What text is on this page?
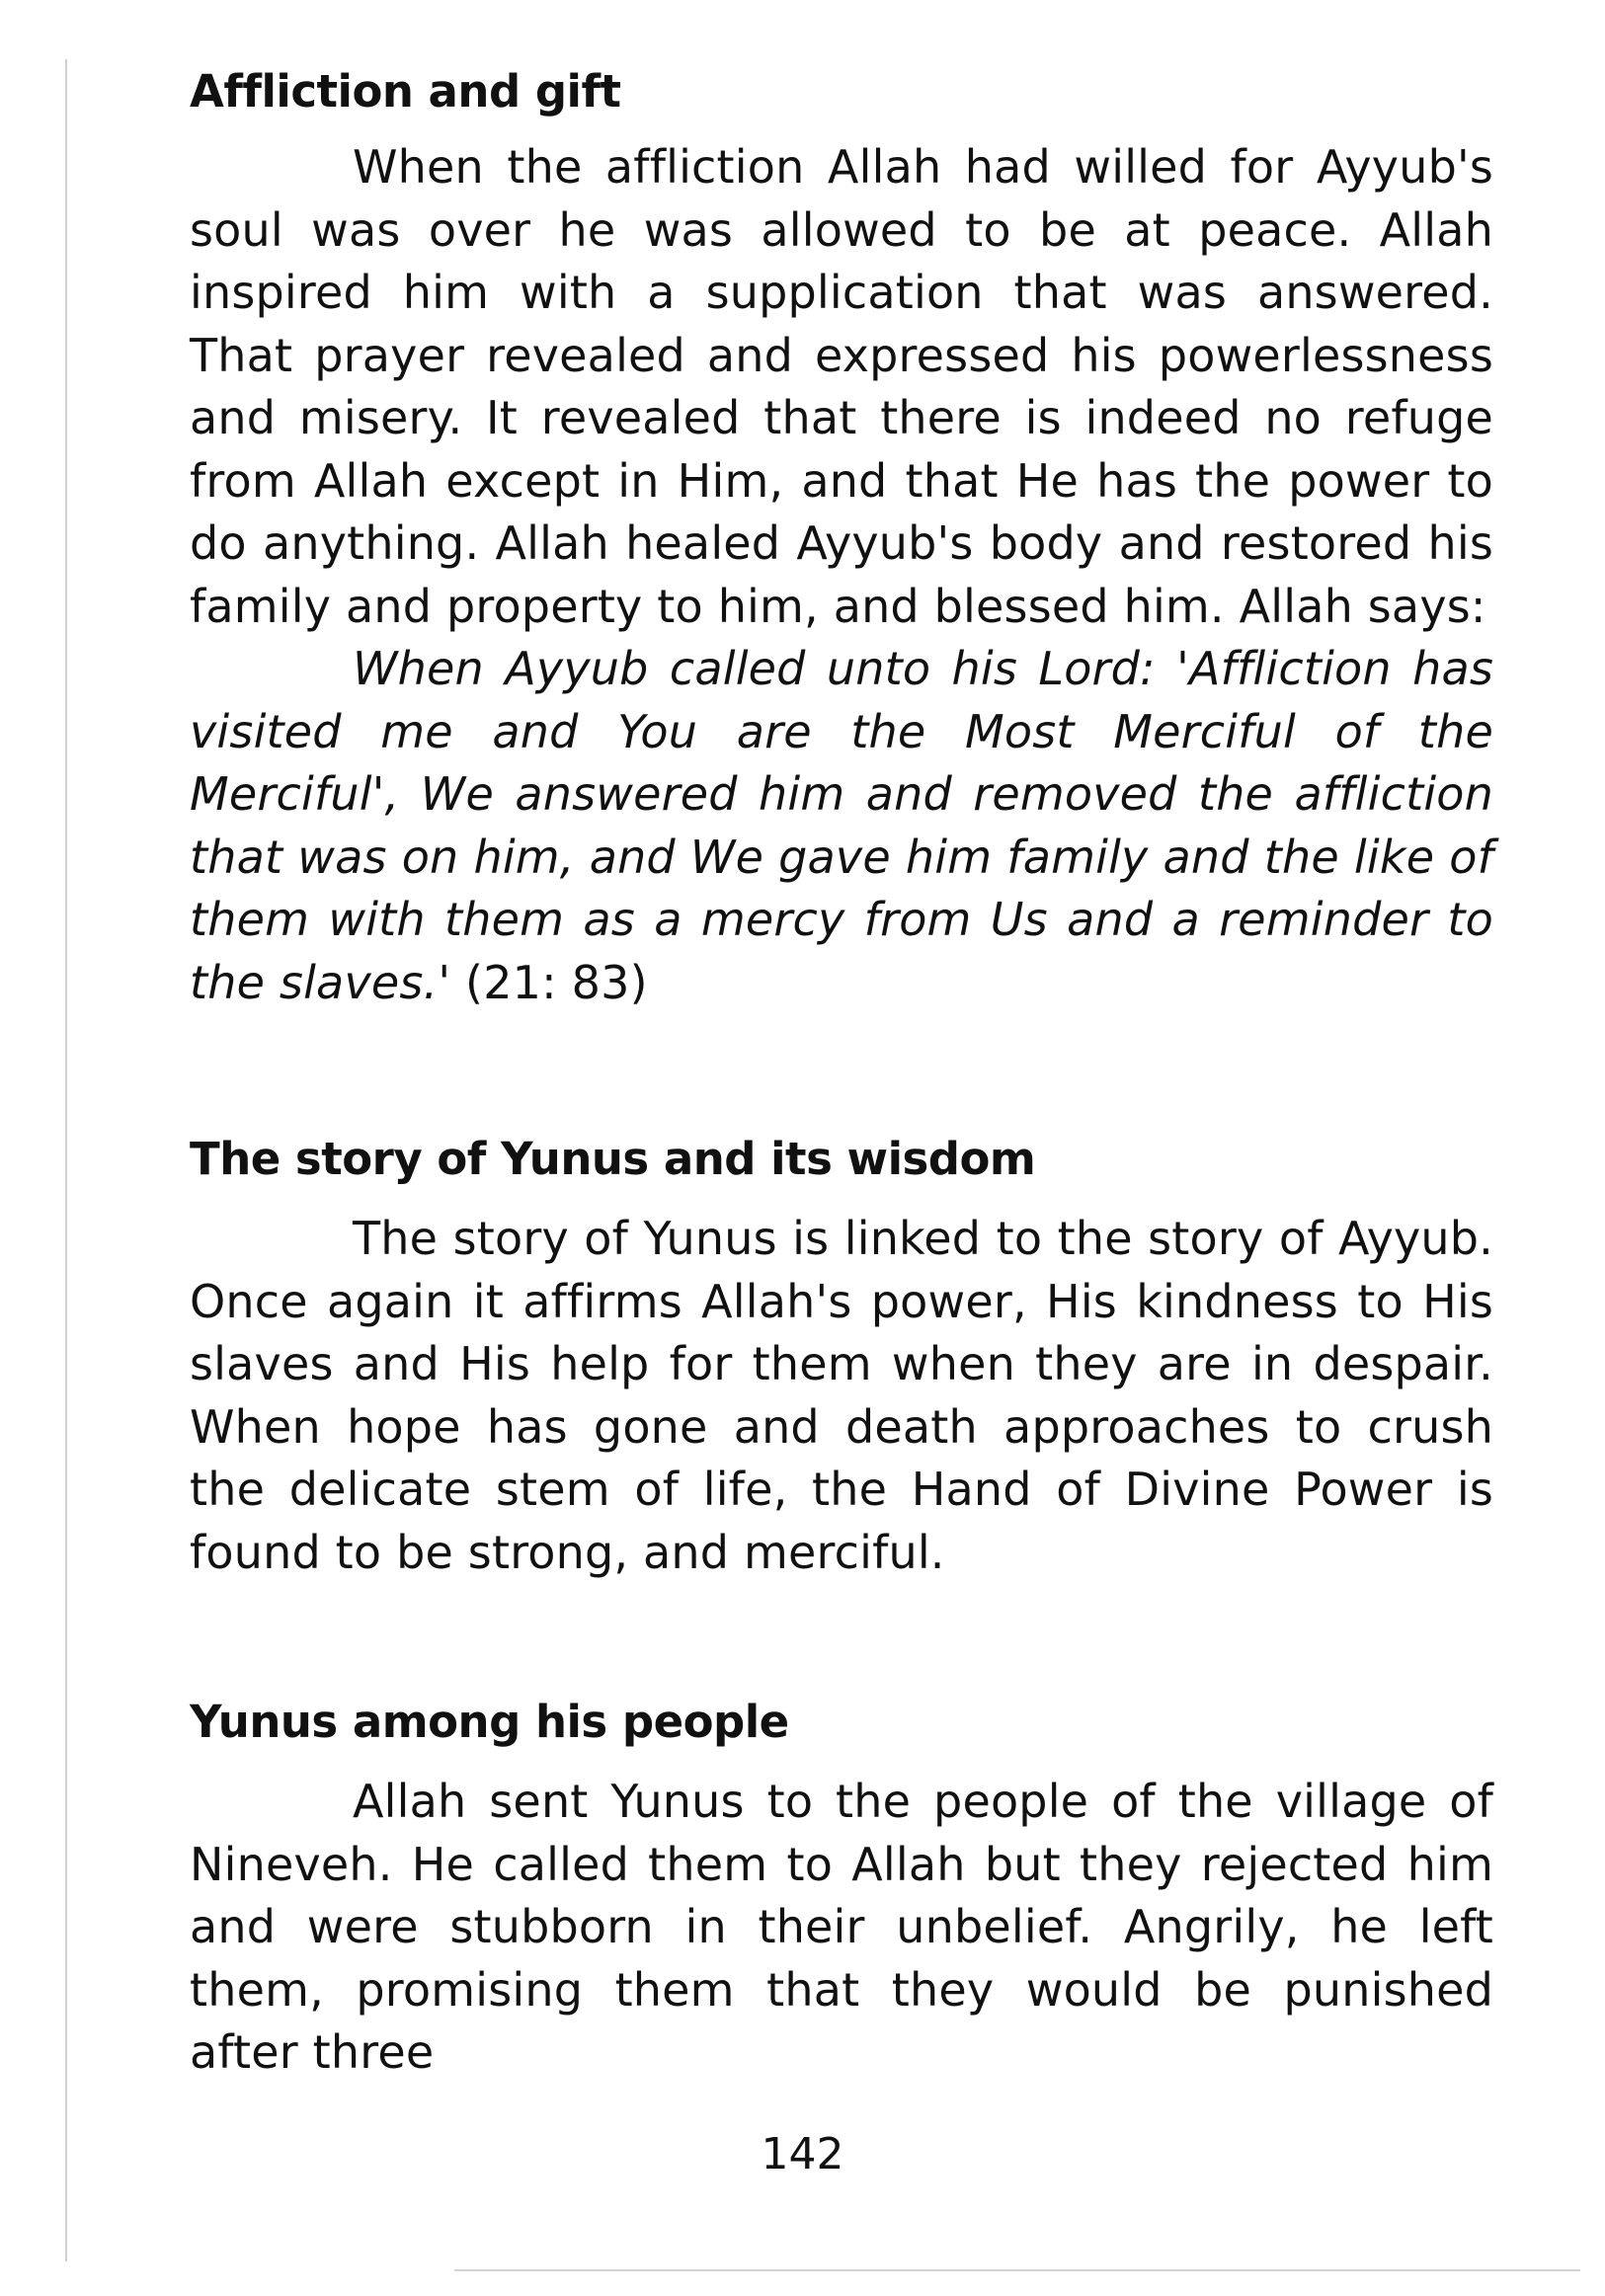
Affliction and gift

When the affliction Allah had willed for Ayyub's soul was over he was allowed to be at peace. Allah inspired him with a supplication that was answered. That prayer revealed and expressed his powerlessness and misery. It revealed that there is indeed no refuge from Allah except in Him, and that He has the power to do anything. Allah healed Ayyub's body and restored his family and property to him, and blessed him. Allah says:

When Ayyub called unto his Lord: 'Affliction has visited me and You are the Most Merciful of the Merciful', We answered him and removed the affliction that was on him, and We gave him family and the like of them with them as a mercy from Us and a reminder to the slaves.' (21: 83)

The story of Yunus and its wisdom

The story of Yunus is linked to the story of Ayyub. Once again it affirms Allah's power, His kindness to His slaves and His help for them when they are in despair. When hope has gone and death approaches to crush the delicate stem of life, the Hand of Divine Power is found to be strong, and merciful.

Yunus among his people

Allah sent Yunus to the people of the village of Nineveh. He called them to Allah but they rejected him and were stubborn in their unbelief. Angrily, he left them, promising them that they would be punished after three

142
